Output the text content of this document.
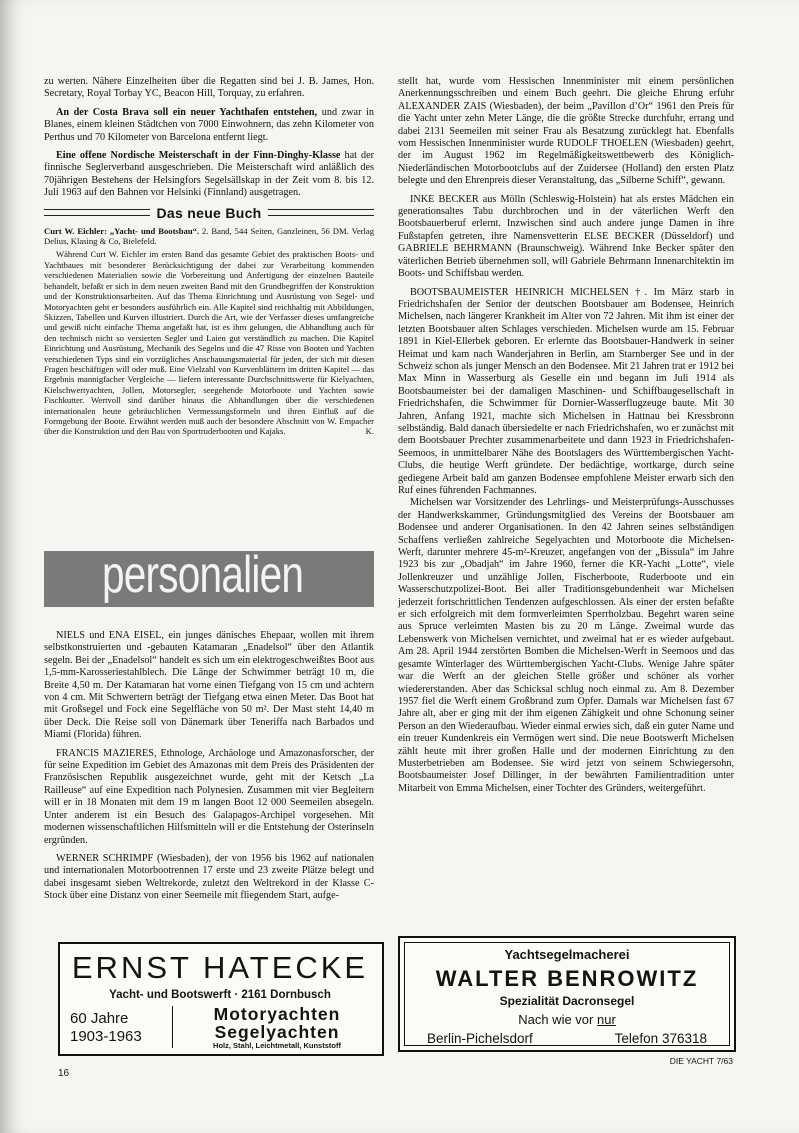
zu werten. Nähere Einzelheiten über die Regatten sind bei J. B. James, Hon. Secretary, Royal Torbay YC, Beacon Hill, Torquay, zu erfahren.

An der Costa Brava soll ein neuer Yachthafen entstehen, und zwar in Blanes, einem kleinen Städtchen von 7000 Einwohnern, das zehn Kilometer von Perthus und 70 Kilometer von Barcelona entfernt liegt.

Eine offene Nordische Meisterschaft in der Finn-Dinghy-Klasse hat der finnische Seglerverband ausgeschrieben. Die Meisterschaft wird anläßlich des 70jährigen Bestehens der Helsingfors Segelsällskap in der Zeit vom 8. bis 12. Juli 1963 auf den Bahnen vor Helsinki (Finnland) ausgetragen.

Das neue Buch

Curt W. Eichler: „Yacht- und Bootsbau“. 2. Band, 544 Seiten, Ganzleinen, 56 DM. Verlag Delius, Klasing & Co, Bielefeld.

Während Curt W. Eichler im ersten Band das gesamte Gebiet des praktischen Boots- und Yachtbaues mit besonderer Berücksichtigung der dabei zur Verarbeitung kommenden verschiedenen Materialien sowie die Vorbereitung und Anfertigung der einzelnen Bauteile behandelt, befaßt er sich in dem neuen zweiten Band mit den Grundbegriffen der Konstruktion und der Konstruktionsarbeiten. Auf das Thema Einrichtung und Ausrüstung von Segel- und Motoryachten geht er besonders ausführlich ein. Alle Kapitel sind reichhaltig mit Abbildungen, Skizzen, Tabellen und Kurven illustriert. Durch die Art, wie der Verfasser dieses umfangreiche und gewiß nicht einfache Thema angefaßt hat, ist es ihm gelungen, die Abhandlung auch für den technisch nicht so versierten Segler und Laien gut verständlich zu machen. Die Kapitel Einrichtung und Ausrüstung, Mechanik des Segelns und die 47 Risse von Booten und Yachten verschiedenen Typs sind ein vorzügliches Anschauungsmaterial für jeden, der sich mit diesen Fragen beschäftigen will oder muß. Eine Vielzahl von Kurvenblättern im dritten Kapitel — das Ergebnis mannigfacher Vergleiche — liefern interessante Durchschnittswerte für Kielyachten, Kielschwertyachten, Jollen, Motorsegler, seegehende Motorboote und Yachten sowie Fischkutter. Wertvoll sind darüber hinaus die Abhandlungen über die verschiedenen internationalen heute gebräuchlichen Vermessungsformeln und ihren Einfluß auf die Formgebung der Boote. Erwähnt werden muß auch der besondere Abschnitt von W. Empacher über die Konstruktion und den Bau von Sportruderbooten und Kajaks.	K.

personalien

NIELS und ENA EISEL, ein junges dänisches Ehepaar, wollen mit ihrem selbstkonstruierten und -gebauten Katamaran „Enadelsol“ über den Atlantik segeln. Bei der „Enadelsol“ handelt es sich um ein elektrogeschweißtes Boot aus 1,5-mm-Karosseriestahlblech. Die Länge der Schwimmer beträgt 10 m, die Breite 4,50 m. Der Katamaran hat vorne einen Tiefgang von 15 cm und achtern von 4 cm. Mit Schwertern beträgt der Tiefgang etwa einen Meter. Das Boot hat mit Großsegel und Fock eine Segelfläche von 50 m². Der Mast steht 14,40 m über Deck. Die Reise soll von Dänemark über Teneriffa nach Barbados und Miami (Florida) führen.

FRANCIS MAZIERES, Ethnologe, Archäologe und Amazonasforscher, der für seine Expedition im Gebiet des Amazonas mit dem Preis des Präsidenten der Französischen Republik ausgezeichnet wurde, geht mit der Ketsch „La Railleuse“ auf eine Expedition nach Polynesien. Zusammen mit vier Begleitern will er in 18 Monaten mit dem 19 m langen Boot 12 000 Seemeilen absegeln. Unter anderem ist ein Besuch des Galapagos-Archipel vorgesehen. Mit modernen wissenschaftlichen Hilfsmitteln will er die Entstehung der Osterinseln ergründen.

WERNER SCHRIMPF (Wiesbaden), der von 1956 bis 1962 auf nationalen und internationalen Motorbootrennen 17 erste und 23 zweite Plätze belegt und dabei insgesamt sieben Weltrekorde, zuletzt den Weltrekord in der Klasse C-Stock über eine Distanz von einer Seemeile mit fliegendem Start, aufge-

stellt hat, wurde vom Hessischen Innenminister mit einem persönlichen Anerkennungsschreiben und einem Buch geehrt. Die gleiche Ehrung erfuhr ALEXANDER ZAIS (Wiesbaden), der beim „Pavillon d’Or“ 1961 den Preis für die Yacht unter zehn Meter Länge, die die größte Strecke durchfuhr, errang und dabei 2131 Seemeilen mit seiner Frau als Besatzung zurücklegt hat. Ebenfalls vom Hessischen Innenminister wurde RUDOLF THOELEN (Wiesbaden) geehrt, der im August 1962 im Regelmäßigkeitswettbewerb des Königlich-Niederländischen Motorbootclubs auf der Zuidersee (Holland) den ersten Platz belegte und den Ehrenpreis dieser Veranstaltung, das „Silberne Schiff“, gewann.

INKE BECKER aus Mölln (Schleswig-Holstein) hat als erstes Mädchen ein generationsaltes Tabu durchbrochen und in der väterlichen Werft den Bootsbauerberuf erlernt. Inzwischen sind auch andere junge Damen in ihre Fußstapfen getreten, ihre Namensvetterin ELSE BECKER (Düsseldorf) und GABRIELE BEHRMANN (Braunschweig). Während Inke Becker später den väterlichen Betrieb übernehmen soll, will Gabriele Behrmann Innenarchitektin im Boots- und Schiffsbau werden.

BOOTSBAUMEISTER HEINRICH MICHELSEN †. Im März starb in Friedrichshafen der Senior der deutschen Bootsbauer am Bodensee, Heinrich Michelsen, nach längerer Krankheit im Alter von 72 Jahren. Mit ihm ist einer der letzten Bootsbauer alten Schlages verschieden. Michelsen wurde am 15. Februar 1891 in Kiel-Ellerbek geboren. Er erlernte das Bootsbauer-Handwerk in seiner Heimat und kam nach Wanderjahren in Berlin, am Starnberger See und in der Schweiz schon als junger Mensch an den Bodensee. Mit 21 Jahren trat er 1912 bei Max Minn in Wasserburg als Geselle ein und begann im Juli 1914 als Bootsbaumeister bei der damaligen Maschinen- und Schiffbaugesellschaft in Friedrichshafen, die Schwimmer für Dornier-Wasserflugzeuge baute. Mit 30 Jahren, Anfang 1921, machte sich Michelsen in Hattnau bei Kressbronn selbständig. Bald danach übersiedelte er nach Friedrichshafen, wo er zunächst mit dem Bootsbauer Prechter zusammenarbeitete und dann 1923 in Friedrichshafen-Seemoos, in unmittelbarer Nähe des Bootslagers des Württembergischen Yacht-Clubs, die heutige Werft gründete. Der bedächtige, wortkarge, durch seine gediegene Arbeit bald am ganzen Bodensee empfohlene Meister erwarb sich den Ruf eines führenden Fachmannes.

Michelsen war Vorsitzender des Lehrlings- und Meisterprüfungs-Ausschusses der Handwerkskammer, Gründungsmitglied des Vereins der Bootsbauer am Bodensee und anderer Organisationen. In den 42 Jahren seines selbständigen Schaffens verließen zahlreiche Segelyachten und Motorboote die Michelsen-Werft, darunter mehrere 45-m²-Kreuzer, angefangen von der „Bissula“ im Jahre 1923 bis zur „Obadjah“ im Jahre 1960, ferner die KR-Yacht „Lotte“, viele Jollenkreuzer und unzählige Jollen, Fischerboote, Ruderboote und ein Wasserschutzpolizei-Boot. Bei aller Traditionsgebundenheit war Michelsen jederzeit fortschrittlichen Tendenzen aufgeschlossen. Als einer der ersten befaßte er sich erfolgreich mit dem formverleimten Sperrholzbau. Begehrt waren seine aus Spruce verleimten Masten bis zu 20 m Länge. Zweimal wurde das Lebenswerk von Michelsen vernichtet, und zweimal hat er es wieder aufgebaut. Am 28. April 1944 zerstörten Bomben die Michelsen-Werft in Seemoos und das gesamte Winterlager des Württembergischen Yacht-Clubs. Wenige Jahre später war die Werft an der gleichen Stelle größer und schöner als vorher wiedererstanden. Aber das Schicksal schlug noch einmal zu. Am 8. Dezember 1957 fiel die Werft einem Großbrand zum Opfer. Damals war Michelsen fast 67 Jahre alt, aber er ging mit der ihm eigenen Zähigkeit und ohne Schonung seiner Person an den Wiederaufbau. Wieder einmal erwies sich, daß ein guter Name und ein treuer Kundenkreis ein Vermögen wert sind. Die neue Bootswerft Michelsen zählt heute mit ihrer großen Halle und der modernen Einrichtung zu den Musterbetrieben am Bodensee. Sie wird jetzt von seinem Schwiegersohn, Bootsbaumeister Josef Dillinger, in der bewährten Familientradition unter Mitarbeit von Emma Michelsen, einer Tochter des Gründers, weitergeführt.

ERNST HATECKE
Yacht- und Bootswerft · 2161 Dornbusch
60 Jahre
1903-1963
Motoryachten
Segelyachten
Holz, Stahl, Leichtmetall, Kunststoff
Yachtsegelmacherei
WALTER BENROWITZ
Spezialität Dacronsegel
Nach wie vor nur
Berlin-Pichelsdorf	Telefon 376318
16
DIE YACHT 7/63
